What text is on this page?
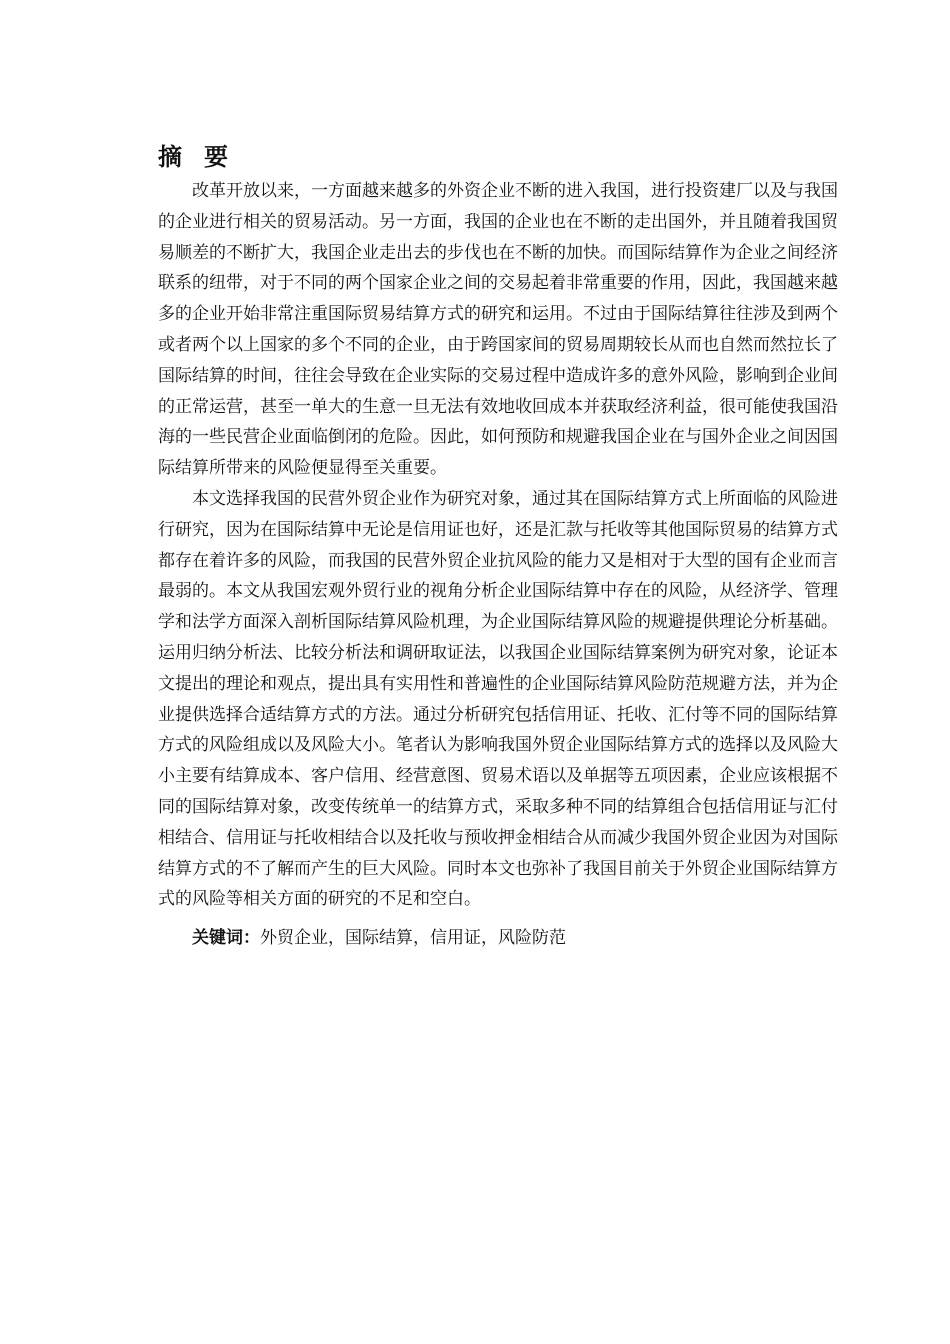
摘要

改革开放以来，一方面越来越多的外资企业不断的进入我国，进行投资建厂以及与我国的企业进行相关的贸易活动。另一方面，我国的企业也在不断的走出国外，并且随着我国贸易顺差的不断扩大，我国企业走出去的步伐也在不断的加快。而国际结算作为企业之间经济联系的纽带，对于不同的两个国家企业之间的交易起着非常重要的作用，因此，我国越来越多的企业开始非常注重国际贸易结算方式的研究和运用。不过由于国际结算往往涉及到两个或者两个以上国家的多个不同的企业，由于跨国家间的贸易周期较长从而也自然而然拉长了国际结算的时间，往往会导致在企业实际的交易过程中造成许多的意外风险，影响到企业间的正常运营，甚至一单大的生意一旦无法有效地收回成本并获取经济利益，很可能使我国沿海的一些民营企业面临倒闭的危险。因此，如何预防和规避我国企业在与国外企业之间因国际结算所带来的风险便显得至关重要。

本文选择我国的民营外贸企业作为研究对象，通过其在国际结算方式上所面临的风险进行研究，因为在国际结算中无论是信用证也好，还是汇款与托收等其他国际贸易的结算方式都存在着许多的风险，而我国的民营外贸企业抗风险的能力又是相对于大型的国有企业而言最弱的。本文从我国宏观外贸行业的视角分析企业国际结算中存在的风险，从经济学、管理学和法学方面深入剖析国际结算风险机理，为企业国际结算风险的规避提供理论分析基础。运用归纳分析法、比较分析法和调研取证法，以我国企业国际结算案例为研究对象，论证本文提出的理论和观点，提出具有实用性和普遍性的企业国际结算风险防范规避方法，并为企业提供选择合适结算方式的方法。通过分析研究包括信用证、托收、汇付等不同的国际结算方式的风险组成以及风险大小。笔者认为影响我国外贸企业国际结算方式的选择以及风险大小主要有结算成本、客户信用、经营意图、贸易术语以及单据等五项因素，企业应该根据不同的国际结算对象，改变传统单一的结算方式，采取多种不同的结算组合包括信用证与汇付相结合、信用证与托收相结合以及托收与预收押金相结合从而减少我国外贸企业因为对国际结算方式的不了解而产生的巨大风险。同时本文也弥补了我国目前关于外贸企业国际结算方式的风险等相关方面的研究的不足和空白。

关键词：外贸企业，国际结算，信用证，风险防范
